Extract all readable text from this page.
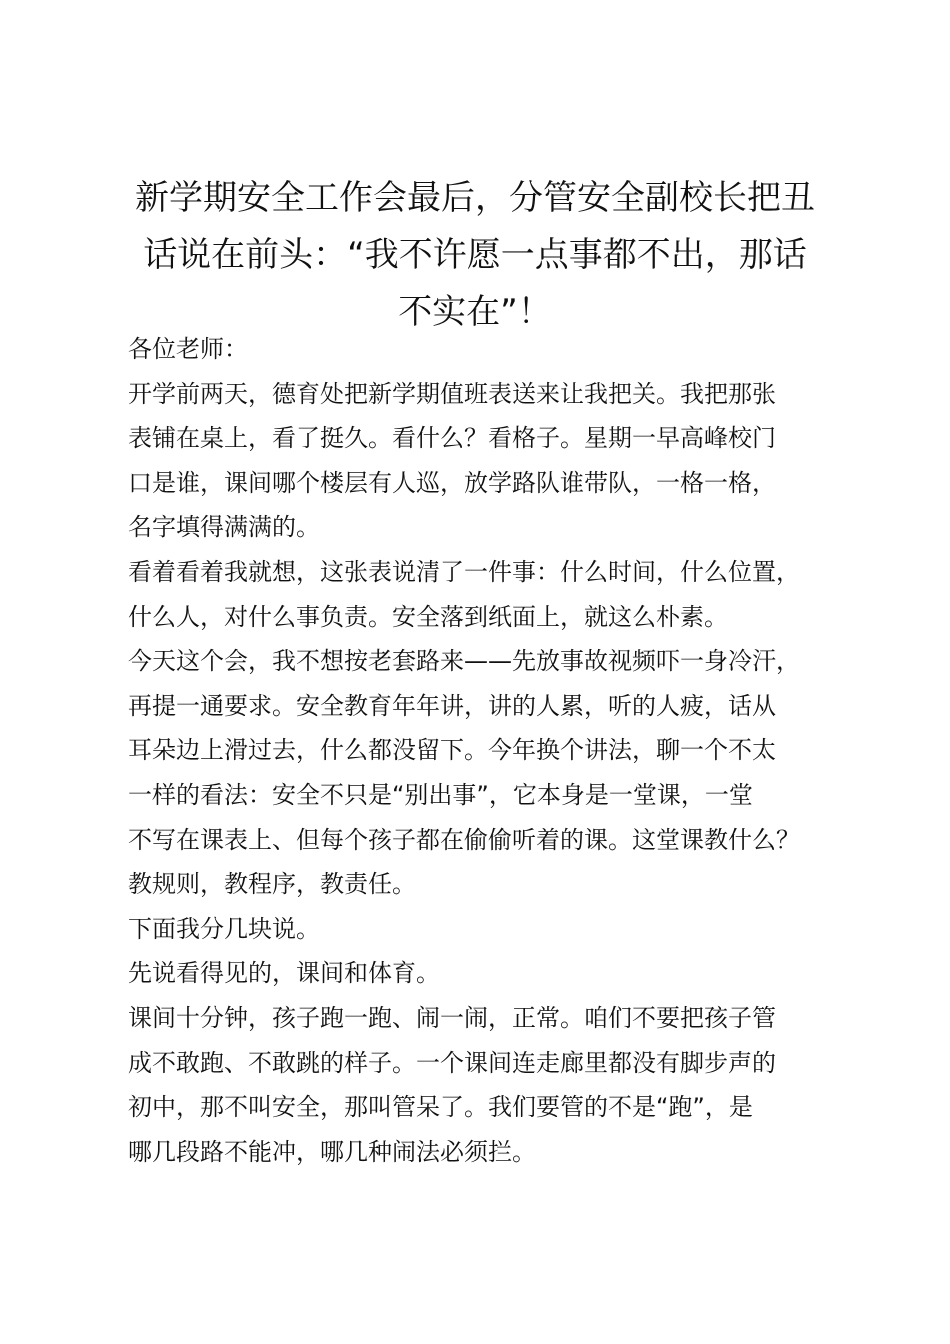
新学期安全工作会最后，分管安全副校长把丑
话说在前头：“我不许愿一点事都不出，那话
不实在”！

各位老师：

开学前两天，德育处把新学期值班表送来让我把关。我把那张
表铺在桌上，看了挺久。看什么？看格子。星期一早高峰校门
口是谁，课间哪个楼层有人巡，放学路队谁带队，一格一格，
名字填得满满的。

看着看着我就想，这张表说清了一件事：什么时间，什么位置，
什么人，对什么事负责。安全落到纸面上，就这么朴素。

今天这个会，我不想按老套路来——先放事故视频吓一身冷汗，
再提一通要求。安全教育年年讲，讲的人累，听的人疲，话从
耳朵边上滑过去，什么都没留下。今年换个讲法，聊一个不太
一样的看法：安全不只是“别出事”，它本身是一堂课，一堂
不写在课表上、但每个孩子都在偷偷听着的课。这堂课教什么？
教规则，教程序，教责任。

下面我分几块说。

先说看得见的，课间和体育。

课间十分钟，孩子跑一跑、闹一闹，正常。咱们不要把孩子管
成不敢跑、不敢跳的样子。一个课间连走廊里都没有脚步声的
初中，那不叫安全，那叫管呆了。我们要管的不是“跑”，是
哪几段路不能冲，哪几种闹法必须拦。
